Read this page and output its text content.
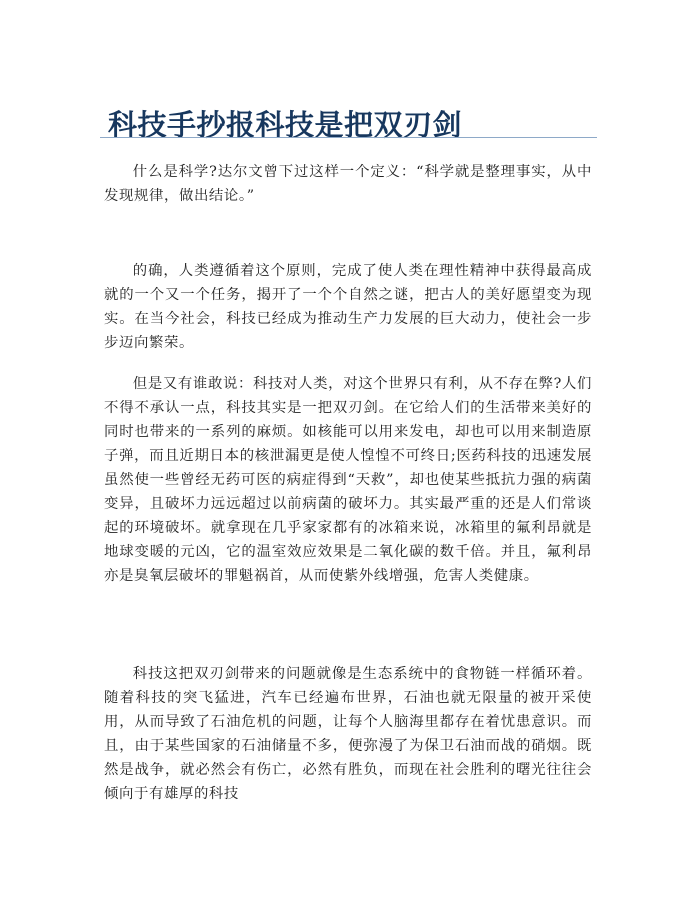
科技手抄报科技是把双刃剑

什么是科学?达尔文曾下过这样一个定义：“科学就是整理事实，从中发现规律，做出结论。”

的确，人类遵循着这个原则，完成了使人类在理性精神中获得最高成就的一个又一个任务，揭开了一个个自然之谜，把古人的美好愿望变为现实。在当今社会，科技已经成为推动生产力发展的巨大动力，使社会一步步迈向繁荣。

但是又有谁敢说：科技对人类，对这个世界只有利，从不存在弊?人们不得不承认一点，科技其实是一把双刃剑。在它给人们的生活带来美好的同时也带来的一系列的麻烦。如核能可以用来发电，却也可以用来制造原子弹，而且近期日本的核泄漏更是使人惶惶不可终日;医药科技的迅速发展虽然使一些曾经无药可医的病症得到“天救”，却也使某些抵抗力强的病菌变异，且破坏力远远超过以前病菌的破坏力。其实最严重的还是人们常谈起的环境破坏。就拿现在几乎家家都有的冰箱来说，冰箱里的氟利昂就是地球变暖的元凶，它的温室效应效果是二氧化碳的数千倍。并且，氟利昂亦是臭氧层破坏的罪魁祸首，从而使紫外线增强，危害人类健康。

科技这把双刃剑带来的问题就像是生态系统中的食物链一样循环着。随着科技的突飞猛进，汽车已经遍布世界，石油也就无限量的被开采使用，从而导致了石油危机的问题，让每个人脑海里都存在着忧患意识。而且，由于某些国家的石油储量不多，便弥漫了为保卫石油而战的硝烟。既然是战争，就必然会有伤亡，必然有胜负，而现在社会胜利的曙光往往会倾向于有雄厚的科技
